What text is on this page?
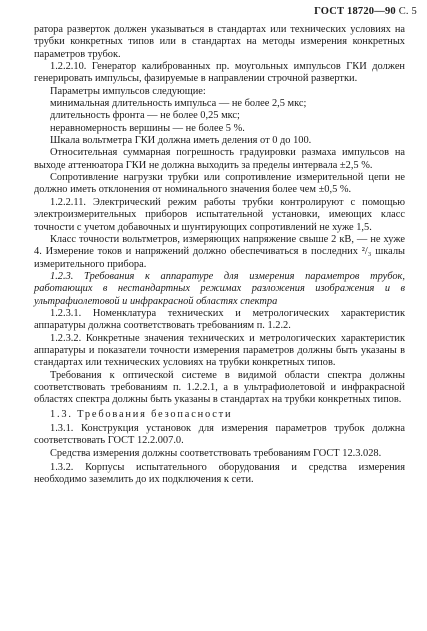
ГОСТ 18720—90 С. 5

ратора разверток должен указываться в стандартах или технических условиях на трубки конкретных типов или в стандартах на методы измерения конкретных параметров трубок.

1.2.2.10. Генератор калиброванных пр. моугольных импульсов ГКИ должен генерировать импульсы, фазируемые в направлении строчной развертки.

Параметры импульсов следующие:

минимальная длительность импульса — не более 2,5 мкс;

длительность фронта — не более 0,25 мкс;

неравномерность вершины — не более 5 %.

Шкала вольтметра ГКИ должна иметь деления от 0 до 100.

Относительная суммарная погрешность градуировки размаха импульсов на выходе аттенюатора ГКИ не должна выходить за пределы интервала ±2,5 %.

Сопротивление нагрузки трубки или сопротивление измерительной цепи не должно иметь отклонения от номинального значения более чем ±0,5 %.

1.2.2.11. Электрический режим работы трубки контролируют с помощью электроизмерительных приборов испытательной установки, имеющих класс точности с учетом добавочных и шунтирующих сопротивлений не хуже 1,5.

Класс точности вольтметров, измеряющих напряжение свыше 2 кВ, — не хуже 4. Измерение токов и напряжений должно обеспечиваться в последних ²/₃ шкалы измерительного прибора.

1.2.3. Требования к аппаратуре для измерения параметров трубок, работающих в нестандартных режимах разложения изображения и в ультрафиолетовой и инфракрасной областях спектра

1.2.3.1. Номенклатура технических и метрологических характеристик аппаратуры должна соответствовать требованиям п. 1.2.2.

1.2.3.2. Конкретные значения технических и метрологических характеристик аппаратуры и показатели точности измерения параметров должны быть указаны в стандартах или технических условиях на трубки конкретных типов.

Требования к оптической системе в видимой области спектра должны соответствовать требованиям п. 1.2.2.1, а в ультрафиолетовой и инфракрасной областях спектра должны быть указаны в стандартах на трубки конкретных типов.

1.3. Требования безопасности

1.3.1. Конструкция установок для измерения параметров трубок должна соответствовать ГОСТ 12.2.007.0.

Средства измерения должны соответствовать требованиям ГОСТ 12.3.028.

1.3.2. Корпусы испытательного оборудования и средства измерения необходимо заземлить до их подключения к сети.
